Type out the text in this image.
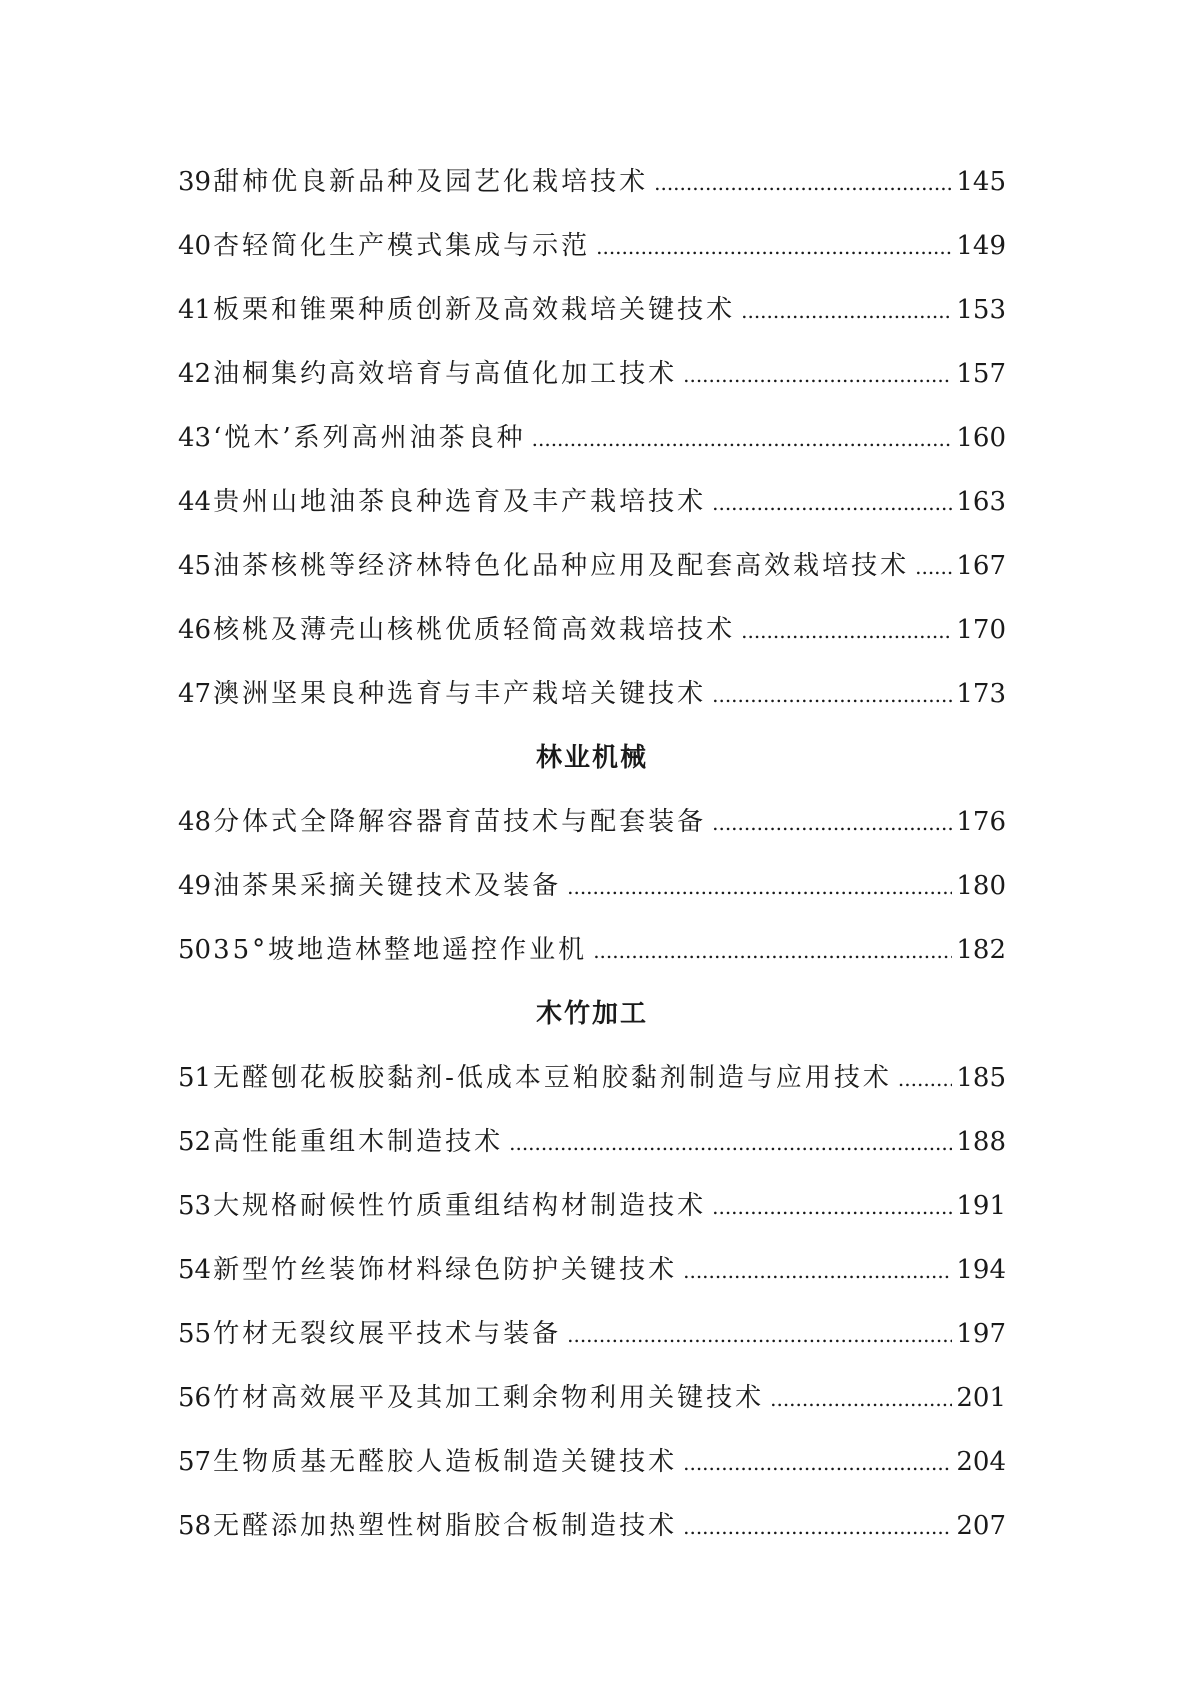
39 甜柿优良新品种及园艺化栽培技术 .....	145
40 杏轻简化生产模式集成与示范 .....	149
41 板栗和锥栗种质创新及高效栽培关键技术 .....	153
42 油桐集约高效培育与高值化加工技术 .....	157
43 ‘悦木’系列高州油茶良种 .....	160
44 贵州山地油茶良种选育及丰产栽培技术 .....	163
45 油茶核桃等经济林特色化品种应用及配套高效栽培技术 ..... 167
46 核桃及薄壳山核桃优质轻简高效栽培技术 .....	170
47 澳洲坚果良种选育与丰产栽培关键技术 .....	173
林业机械
48 分体式全降解容器育苗技术与配套装备 .....	176
49 油茶果采摘关键技术及装备 .....	180
50 35°坡地造林整地遥控作业机 .....	182
木竹加工
51 无醛刨花板胶黏剂-低成本豆粕胶黏剂制造与应用技术 ..... 185
52 高性能重组木制造技术 .....	188
53 大规格耐候性竹质重组结构材制造技术 .....	191
54 新型竹丝装饰材料绿色防护关键技术 .....	194
55 竹材无裂纹展平技术与装备 .....	197
56 竹材高效展平及其加工剩余物利用关键技术 .....	201
57 生物质基无醛胶人造板制造关键技术 .....	204
58 无醛添加热塑性树脂胶合板制造技术 .....	207
